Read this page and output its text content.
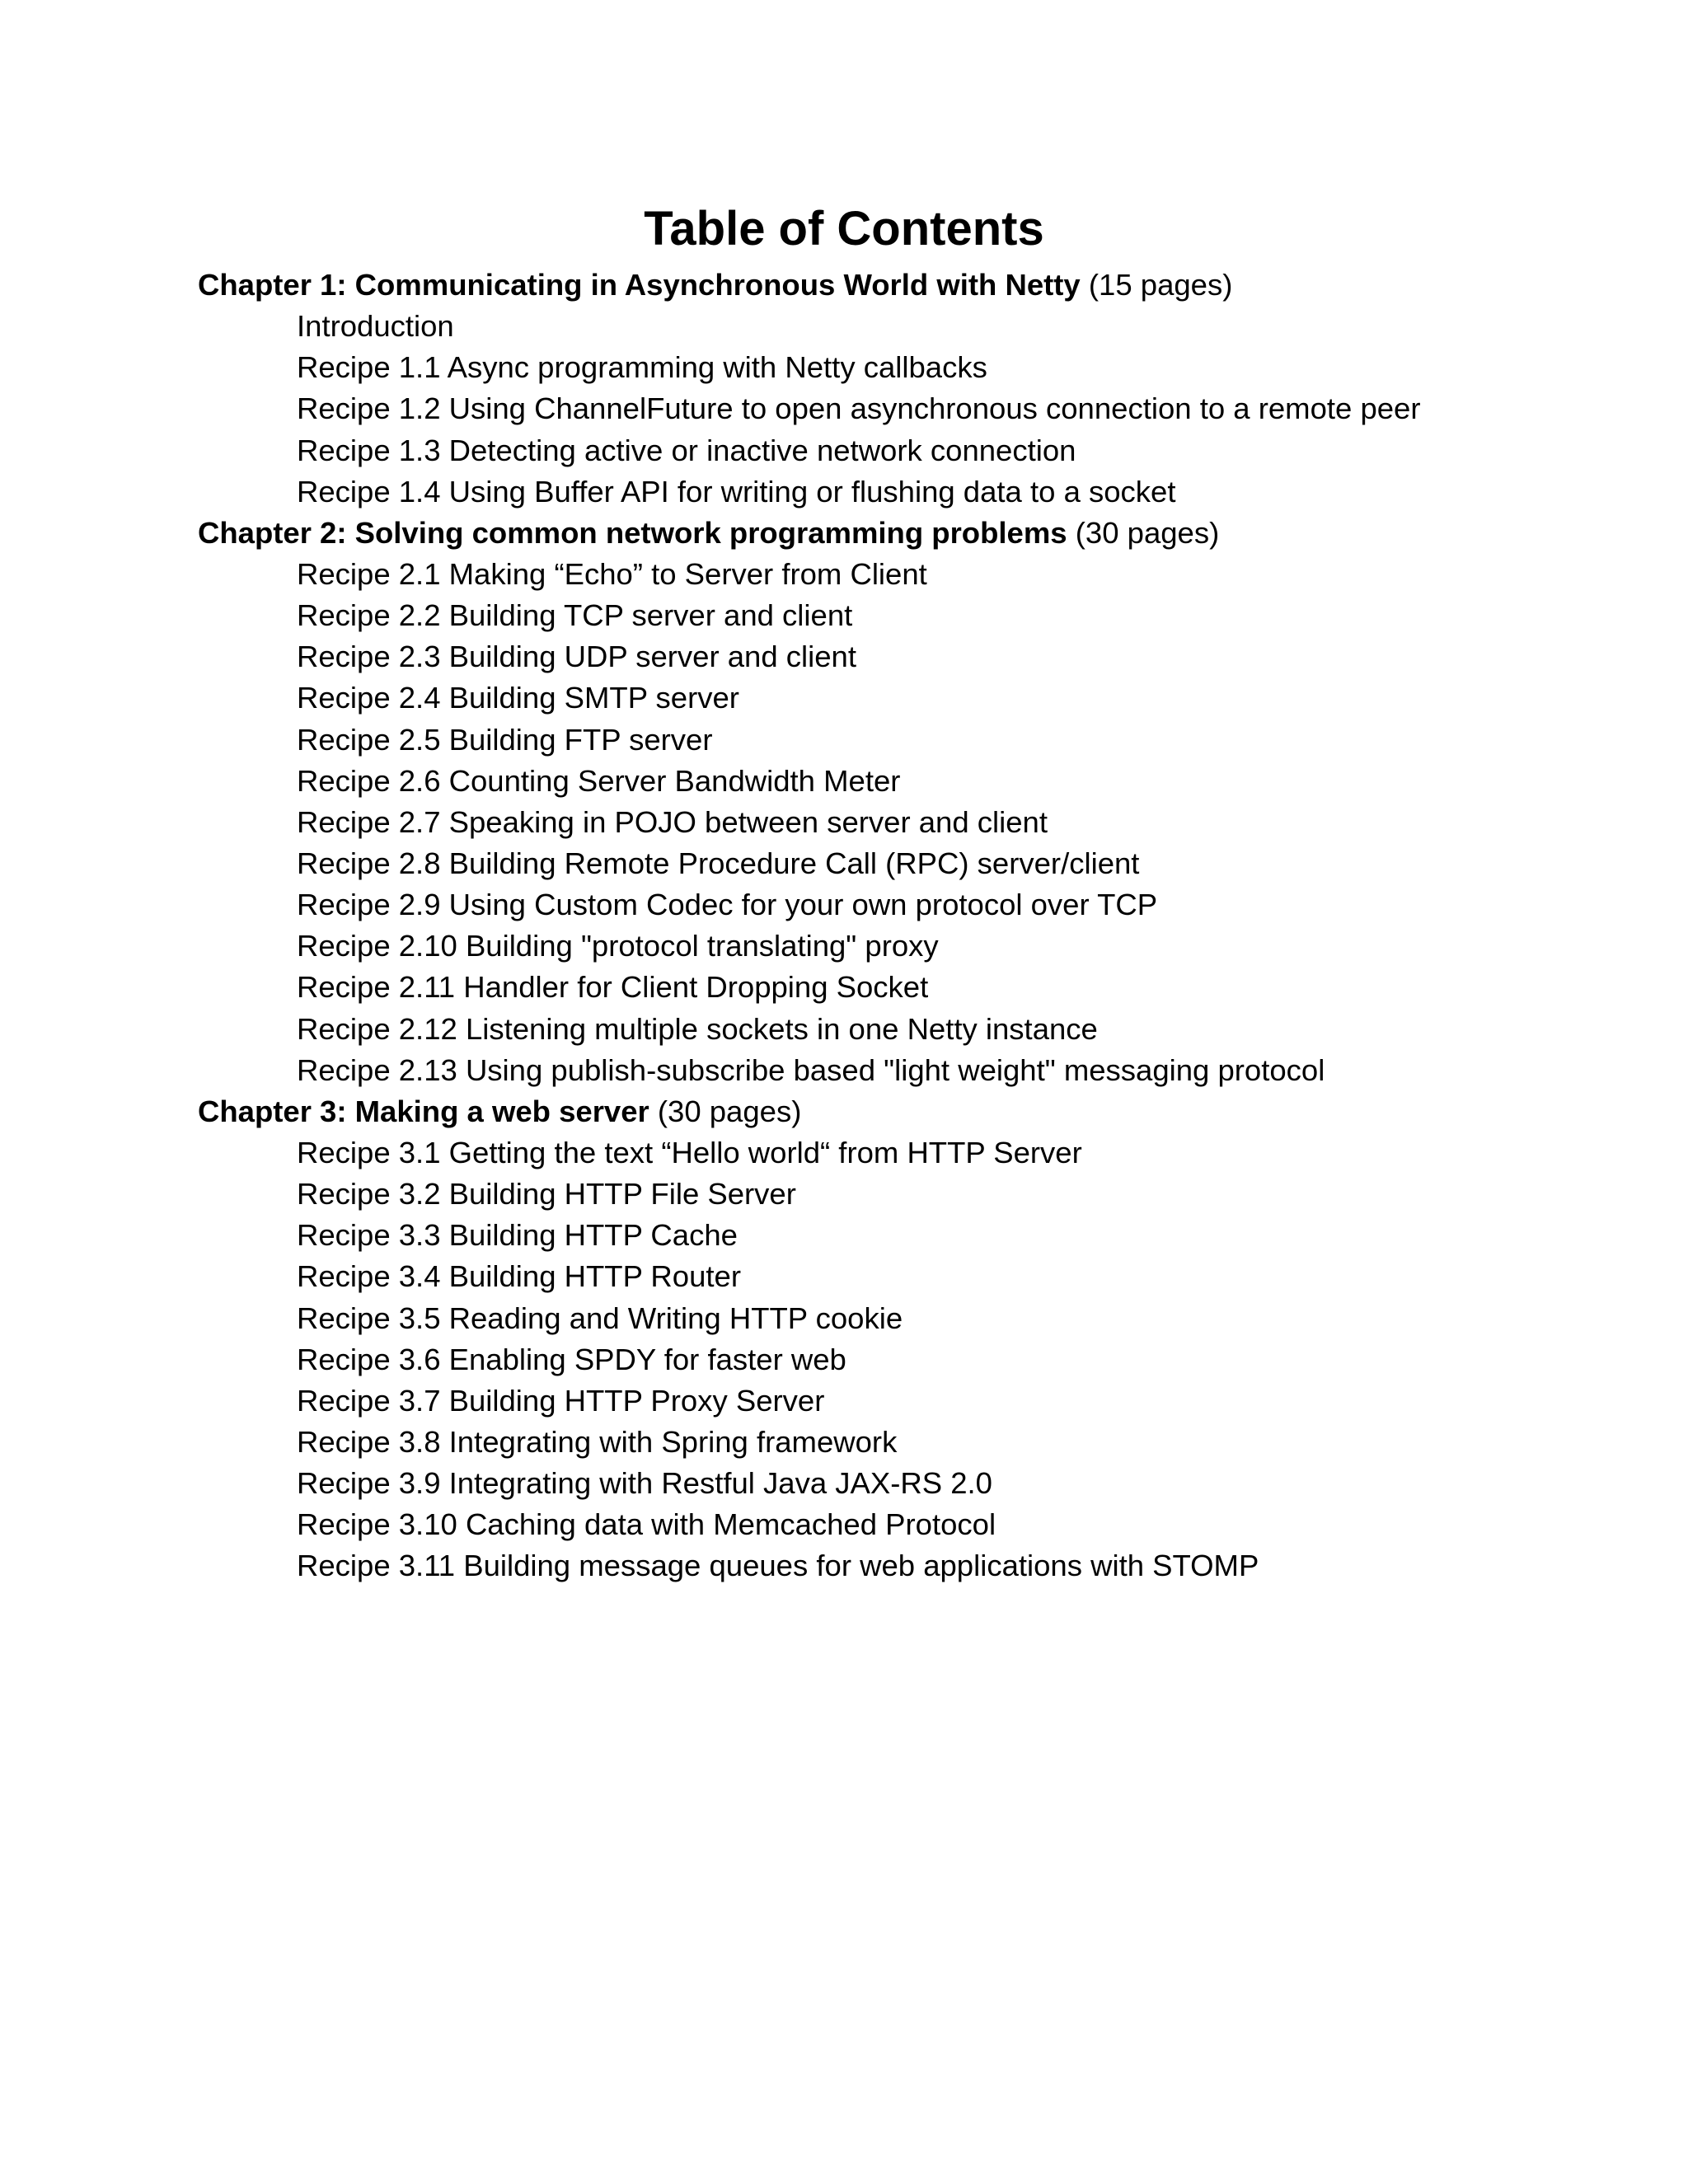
Table of Contents
Chapter 1: Communicating in Asynchronous World with Netty (15 pages)
Introduction
Recipe 1.1 Async programming with Netty callbacks
Recipe 1.2 Using ChannelFuture to open asynchronous connection to a remote peer
Recipe 1.3 Detecting active or inactive network connection
Recipe 1.4 Using Buffer API for writing or flushing data to a socket
Chapter 2: Solving common network programming problems (30 pages)
Recipe 2.1 Making “Echo” to Server from Client
Recipe 2.2 Building TCP server and client
Recipe 2.3 Building UDP server and client
Recipe 2.4 Building SMTP server
Recipe 2.5 Building FTP server
Recipe 2.6 Counting Server Bandwidth Meter
Recipe 2.7 Speaking in POJO between server and client
Recipe 2.8 Building Remote Procedure Call (RPC) server/client
Recipe 2.9 Using Custom Codec for your own protocol over TCP
Recipe 2.10 Building "protocol translating" proxy
Recipe 2.11 Handler for Client Dropping Socket
Recipe 2.12 Listening multiple sockets in one Netty instance
Recipe 2.13 Using publish-subscribe based "light weight" messaging protocol
Chapter 3: Making a web server (30 pages)
Recipe 3.1 Getting the text “Hello world“ from HTTP Server
Recipe 3.2 Building HTTP File Server
Recipe 3.3 Building HTTP Cache
Recipe 3.4 Building HTTP Router
Recipe 3.5 Reading and Writing HTTP cookie
Recipe 3.6 Enabling SPDY for faster web
Recipe 3.7 Building HTTP Proxy Server
Recipe 3.8 Integrating with Spring framework
Recipe 3.9 Integrating with Restful Java JAX-RS 2.0
Recipe 3.10 Caching data with Memcached Protocol
Recipe 3.11 Building message queues for web applications with STOMP
